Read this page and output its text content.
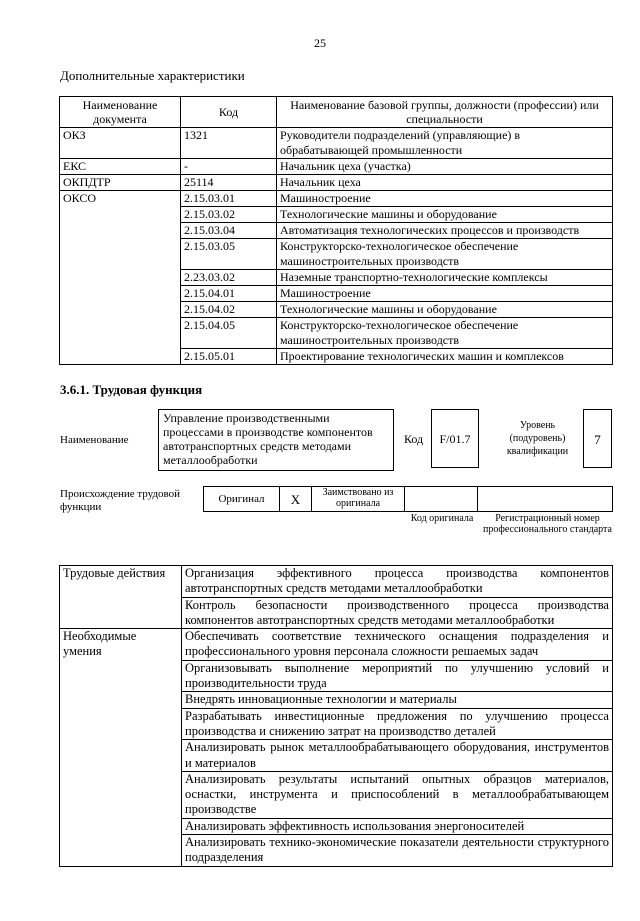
25
Дополнительные характеристики
Наименование документа	Код	Наименование базовой группы, должности (профессии) или специальности
ОКЗ	1321	Руководители подразделений (управляющие) в обрабатывающей промышленности
ЕКС	-	Начальник цеха (участка)
ОКПДТР	25114	Начальник цеха
ОКСО	2.15.03.01	Машиностроение
	2.15.03.02	Технологические машины и оборудование
	2.15.03.04	Автоматизация технологических процессов и производств
	2.15.03.05	Конструкторско-технологическое обеспечение машиностроительных производств
	2.23.03.02	Наземные транспортно-технологические комплексы
	2.15.04.01	Машиностроение
	2.15.04.02	Технологические машины и оборудование
	2.15.04.05	Конструкторско-технологическое обеспечение машиностроительных производств
	2.15.05.01	Проектирование технологических машин и комплексов
3.6.1. Трудовая функция
Наименование
Управление производственными процессами в производстве компонентов автотранспортных средств методами металлообработки
Код	F/01.7
Уровень (подуровень) квалификации
7
Происхождение трудовой функции
Оригинал	X	Заимствовано из оригинала		
Код оригинала	Регистрационный номер профессионального стандарта
Трудовые действия	Организация эффективного процесса производства компонентов автотранспортных средств методами металлообработки
	Контроль безопасности производственного процесса производства компонентов автотранспортных средств методами металлообработки
Необходимые умения	Обеспечивать соответствие технического оснащения подразделения и профессионального уровня персонала сложности решаемых задач
	Организовывать выполнение мероприятий по улучшению условий и производительности труда
	Внедрять инновационные технологии и материалы
	Разрабатывать инвестиционные предложения по улучшению процесса производства и снижению затрат на производство деталей
	Анализировать рынок металлообрабатывающего оборудования, инструментов и материалов
	Анализировать результаты испытаний опытных образцов материалов, оснастки, инструмента и приспособлений в металлообрабатывающем производстве
	Анализировать эффективность использования энергоносителей
	Анализировать технико-экономические показатели деятельности структурного подразделения
